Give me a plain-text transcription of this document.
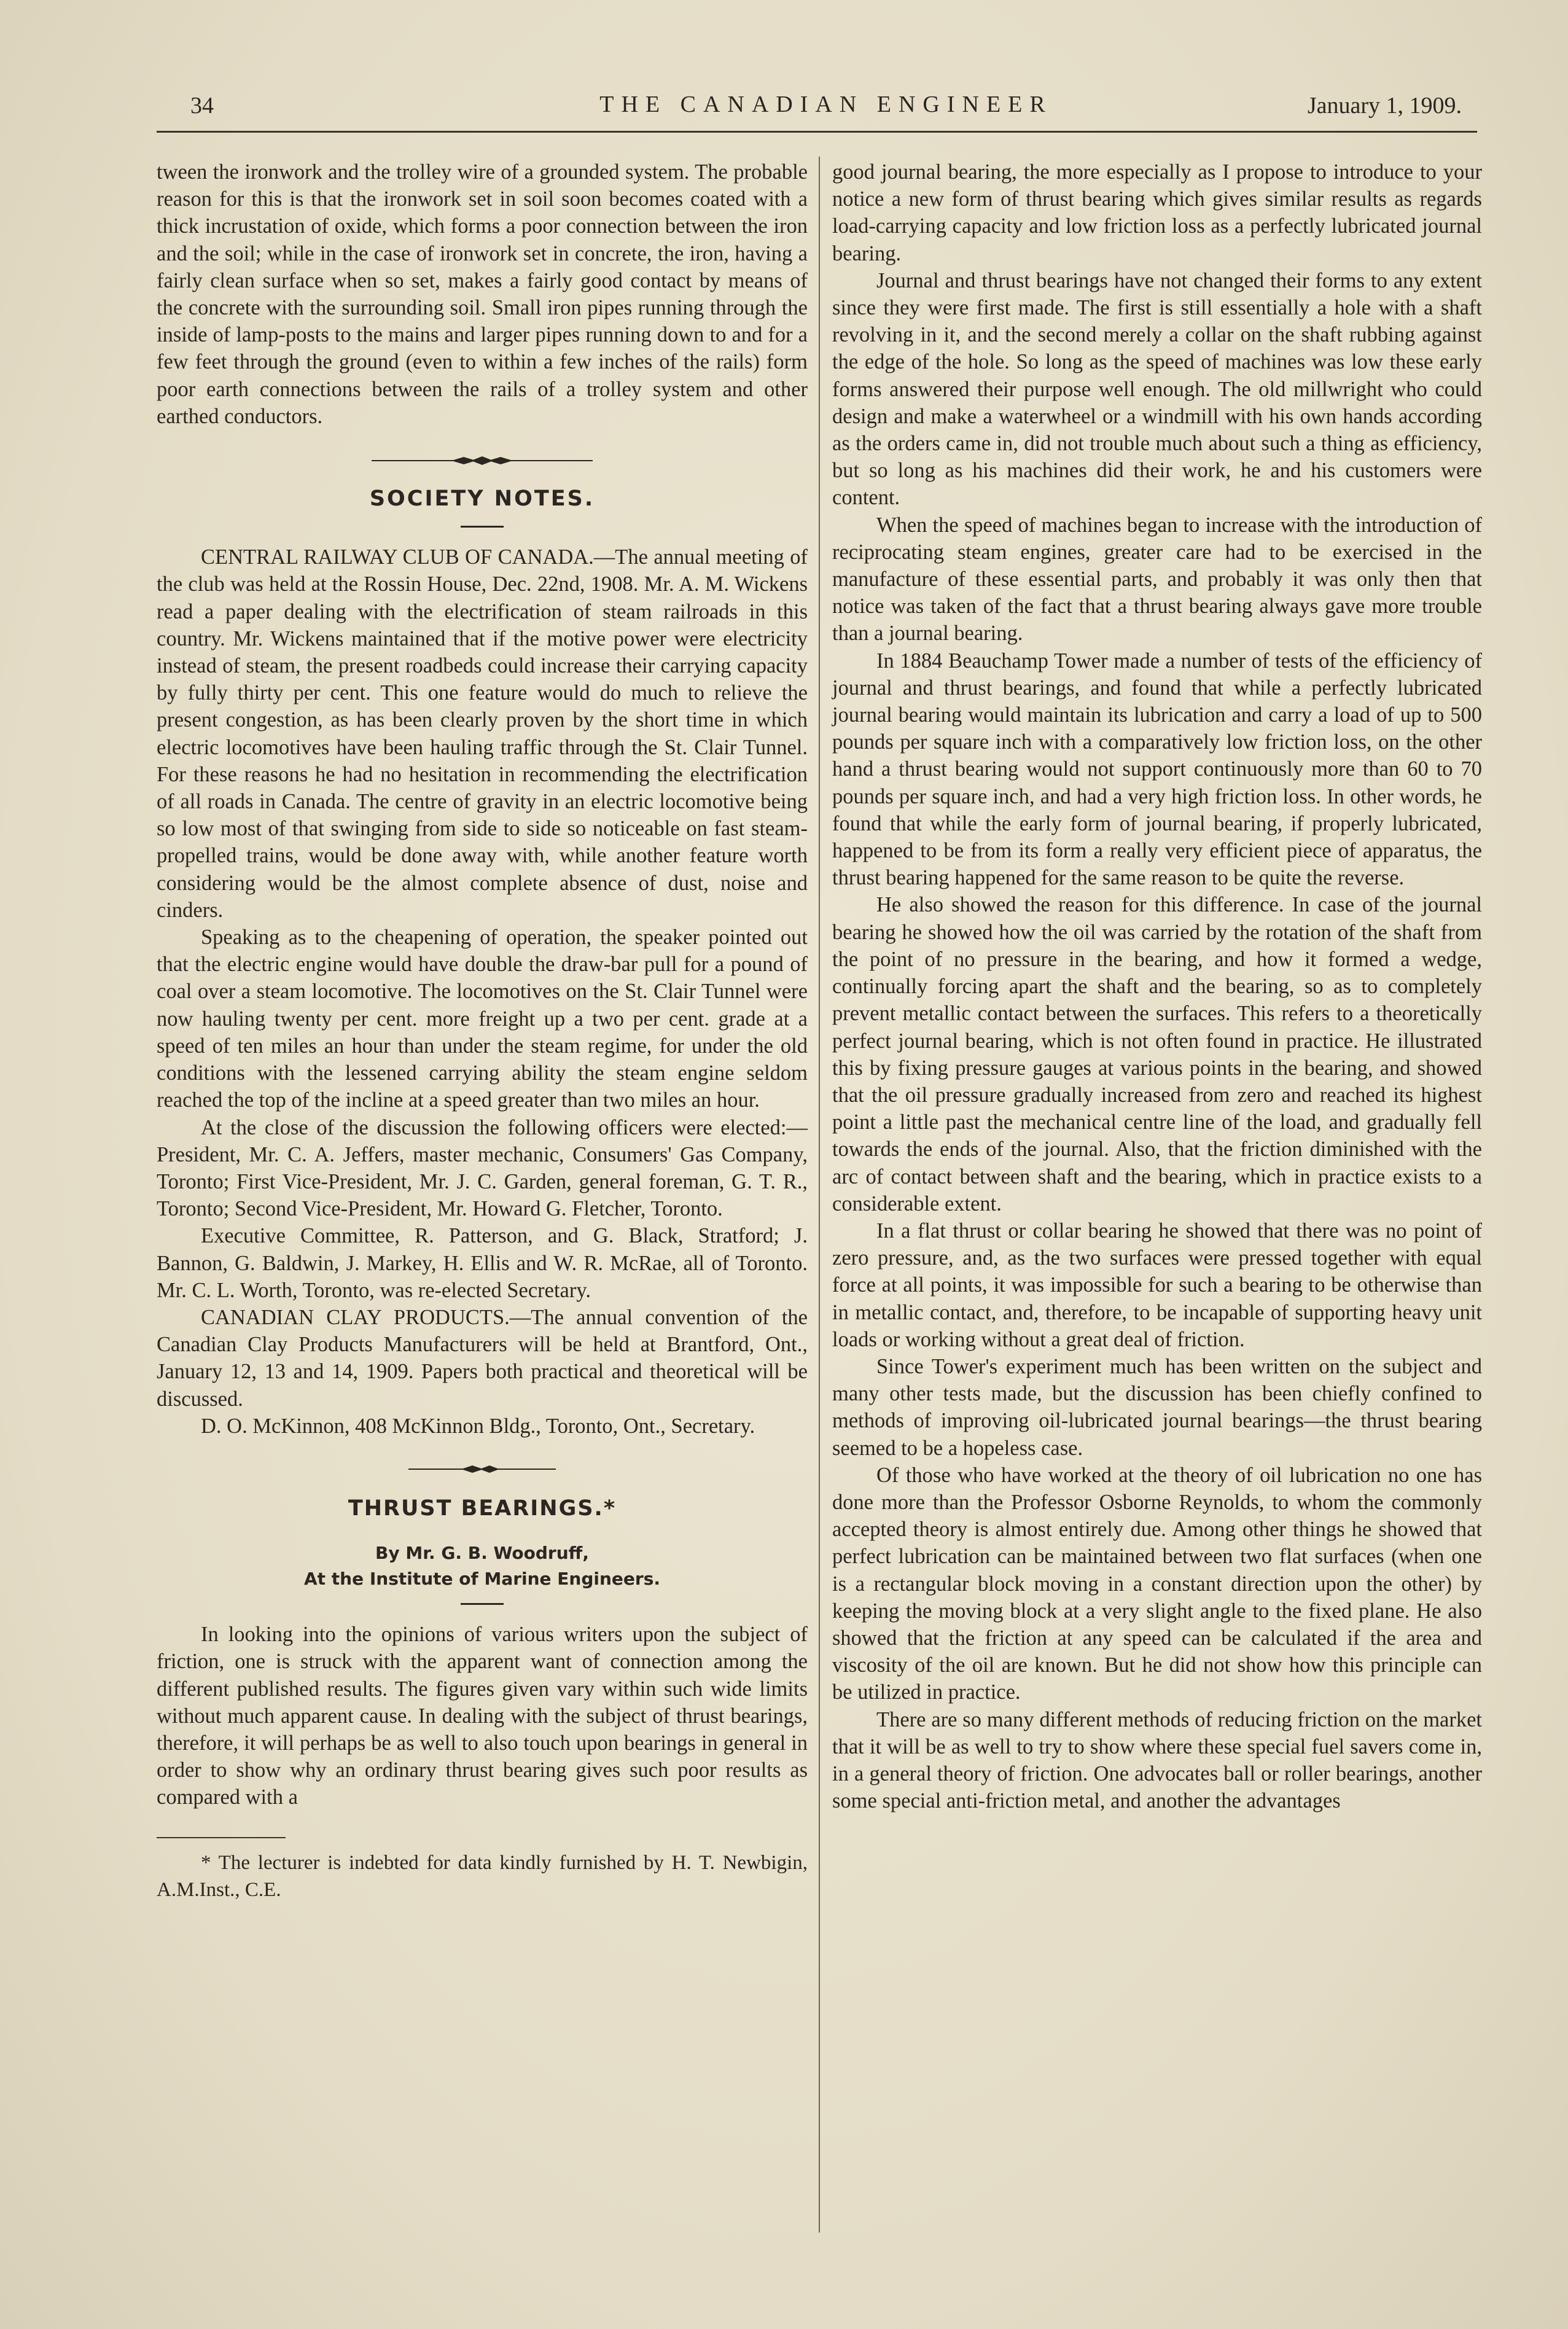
34	THE CANADIAN ENGINEER	January 1, 1909.

tween the ironwork and the trolley wire of a grounded system. The probable reason for this is that the ironwork set in soil soon becomes coated with a thick incrustation of oxide, which forms a poor connection between the iron and the soil; while in the case of ironwork set in concrete, the iron, having a fairly clean surface when so set, makes a fairly good contact by means of the concrete with the surrounding soil. Small iron pipes running through the inside of lamp-posts to the mains and larger pipes running down to and for a few feet through the ground (even to within a few inches of the rails) form poor earth connections between the rails of a trolley system and other earthed conductors.

SOCIETY NOTES.

CENTRAL RAILWAY CLUB OF CANADA.—The annual meeting of the club was held at the Rossin House, Dec. 22nd, 1908. Mr. A. M. Wickens read a paper dealing with the electrification of steam railroads in this country. Mr. Wickens maintained that if the motive power were electricity instead of steam, the present roadbeds could increase their carrying capacity by fully thirty per cent. This one feature would do much to relieve the present congestion, as has been clearly proven by the short time in which electric locomotives have been hauling traffic through the St. Clair Tunnel. For these reasons he had no hesitation in recommending the electrification of all roads in Canada. The centre of gravity in an electric locomotive being so low most of that swinging from side to side so noticeable on fast steam-propelled trains, would be done away with, while another feature worth considering would be the almost complete absence of dust, noise and cinders.

Speaking as to the cheapening of operation, the speaker pointed out that the electric engine would have double the draw-bar pull for a pound of coal over a steam locomotive. The locomotives on the St. Clair Tunnel were now hauling twenty per cent. more freight up a two per cent. grade at a speed of ten miles an hour than under the steam regime, for under the old conditions with the lessened carrying ability the steam engine seldom reached the top of the incline at a speed greater than two miles an hour.

At the close of the discussion the following officers were elected:—President, Mr. C. A. Jeffers, master mechanic, Consumers' Gas Company, Toronto; First Vice-President, Mr. J. C. Garden, general foreman, G. T. R., Toronto; Second Vice-President, Mr. Howard G. Fletcher, Toronto.

Executive Committee, R. Patterson, and G. Black, Stratford; J. Bannon, G. Baldwin, J. Markey, H. Ellis and W. R. McRae, all of Toronto. Mr. C. L. Worth, Toronto, was re-elected Secretary.

CANADIAN CLAY PRODUCTS.—The annual convention of the Canadian Clay Products Manufacturers will be held at Brantford, Ont., January 12, 13 and 14, 1909. Papers both practical and theoretical will be discussed.

D. O. McKinnon, 408 McKinnon Bldg., Toronto, Ont., Secretary.

THRUST BEARINGS.*

By Mr. G. B. Woodruff,

At the Institute of Marine Engineers.

In looking into the opinions of various writers upon the subject of friction, one is struck with the apparent want of connection among the different published results. The figures given vary within such wide limits without much apparent cause. In dealing with the subject of thrust bearings, therefore, it will perhaps be as well to also touch upon bearings in general in order to show why an ordinary thrust bearing gives such poor results as compared with a

* The lecturer is indebted for data kindly furnished by H. T. Newbigin, A.M.Inst., C.E.

good journal bearing, the more especially as I propose to introduce to your notice a new form of thrust bearing which gives similar results as regards load-carrying capacity and low friction loss as a perfectly lubricated journal bearing.

Journal and thrust bearings have not changed their forms to any extent since they were first made. The first is still essentially a hole with a shaft revolving in it, and the second merely a collar on the shaft rubbing against the edge of the hole. So long as the speed of machines was low these early forms answered their purpose well enough. The old millwright who could design and make a waterwheel or a windmill with his own hands according as the orders came in, did not trouble much about such a thing as efficiency, but so long as his machines did their work, he and his customers were content.

When the speed of machines began to increase with the introduction of reciprocating steam engines, greater care had to be exercised in the manufacture of these essential parts, and probably it was only then that notice was taken of the fact that a thrust bearing always gave more trouble than a journal bearing.

In 1884 Beauchamp Tower made a number of tests of the efficiency of journal and thrust bearings, and found that while a perfectly lubricated journal bearing would maintain its lubrication and carry a load of up to 500 pounds per square inch with a comparatively low friction loss, on the other hand a thrust bearing would not support continuously more than 60 to 70 pounds per square inch, and had a very high friction loss. In other words, he found that while the early form of journal bearing, if properly lubricated, happened to be from its form a really very efficient piece of apparatus, the thrust bearing happened for the same reason to be quite the reverse.

He also showed the reason for this difference. In case of the journal bearing he showed how the oil was carried by the rotation of the shaft from the point of no pressure in the bearing, and how it formed a wedge, continually forcing apart the shaft and the bearing, so as to completely prevent metallic contact between the surfaces. This refers to a theoretically perfect journal bearing, which is not often found in practice. He illustrated this by fixing pressure gauges at various points in the bearing, and showed that the oil pressure gradually increased from zero and reached its highest point a little past the mechanical centre line of the load, and gradually fell towards the ends of the journal. Also, that the friction diminished with the arc of contact between shaft and the bearing, which in practice exists to a considerable extent.

In a flat thrust or collar bearing he showed that there was no point of zero pressure, and, as the two surfaces were pressed together with equal force at all points, it was impossible for such a bearing to be otherwise than in metallic contact, and, therefore, to be incapable of supporting heavy unit loads or working without a great deal of friction.

Since Tower's experiment much has been written on the subject and many other tests made, but the discussion has been chiefly confined to methods of improving oil-lubricated journal bearings—the thrust bearing seemed to be a hopeless case.

Of those who have worked at the theory of oil lubrication no one has done more than the Professor Osborne Reynolds, to whom the commonly accepted theory is almost entirely due. Among other things he showed that perfect lubrication can be maintained between two flat surfaces (when one is a rectangular block moving in a constant direction upon the other) by keeping the moving block at a very slight angle to the fixed plane. He also showed that the friction at any speed can be calculated if the area and viscosity of the oil are known. But he did not show how this principle can be utilized in practice.

There are so many different methods of reducing friction on the market that it will be as well to try to show where these special fuel savers come in, in a general theory of friction. One advocates ball or roller bearings, another some special anti-friction metal, and another the advantages
